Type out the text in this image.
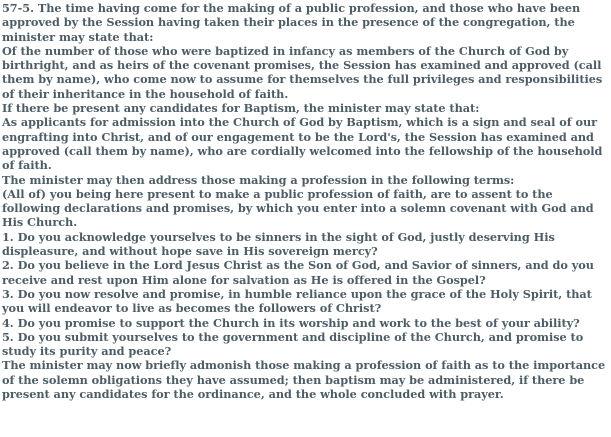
57-5. The time having come for the making of a public profession, and those who have been approved by the Session having taken their places in the presence of the congregation, the minister may state that:

Of the number of those who were baptized in infancy as members of the Church of God by birthright, and as heirs of the covenant promises, the Session has examined and approved (call them by name), who come now to assume for themselves the full privileges and responsibilities of their inheritance in the household of faith.

If there be present any candidates for Baptism, the minister may state that:

As applicants for admission into the Church of God by Baptism, which is a sign and seal of our engrafting into Christ, and of our engagement to be the Lord's, the Session has examined and approved (call them by name), who are cordially welcomed into the fellowship of the household of faith.

The minister may then address those making a profession in the following terms:

(All of) you being here present to make a public profession of faith, are to assent to the following declarations and promises, by which you enter into a solemn covenant with God and His Church.

1. Do you acknowledge yourselves to be sinners in the sight of God, justly deserving His displeasure, and without hope save in His sovereign mercy?

2. Do you believe in the Lord Jesus Christ as the Son of God, and Savior of sinners, and do you receive and rest upon Him alone for salvation as He is offered in the Gospel?

3. Do you now resolve and promise, in humble reliance upon the grace of the Holy Spirit, that you will endeavor to live as becomes the followers of Christ?

4. Do you promise to support the Church in its worship and work to the best of your ability?

5. Do you submit yourselves to the government and discipline of the Church, and promise to study its purity and peace?

The minister may now briefly admonish those making a profession of faith as to the importance of the solemn obligations they have assumed; then baptism may be administered, if there be present any candidates for the ordinance, and the whole concluded with prayer.
